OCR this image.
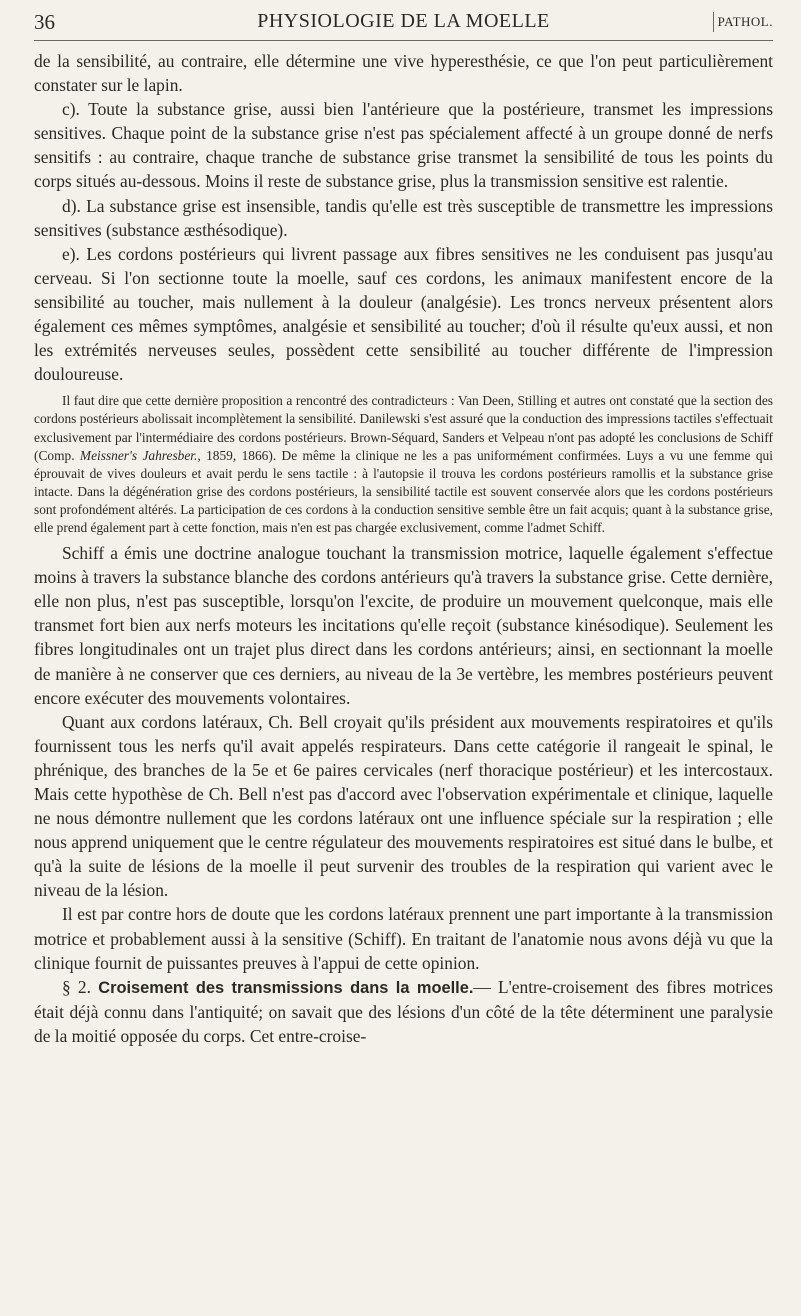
36	PHYSIOLOGIE DE LA MOELLE	PATHOL.

de la sensibilité, au contraire, elle détermine une vive hyperesthésie, ce que l'on peut particulièrement constater sur le lapin.

c). Toute la substance grise, aussi bien l'antérieure que la postérieure, transmet les impressions sensitives. Chaque point de la substance grise n'est pas spécialement affecté à un groupe donné de nerfs sensitifs : au contraire, chaque tranche de substance grise transmet la sensibilité de tous les points du corps situés au-dessous. Moins il reste de substance grise, plus la transmission sensitive est ralentie.

d). La substance grise est insensible, tandis qu'elle est très susceptible de transmettre les impressions sensitives (substance æsthésodique).

e). Les cordons postérieurs qui livrent passage aux fibres sensitives ne les conduisent pas jusqu'au cerveau. Si l'on sectionne toute la moelle, sauf ces cordons, les animaux manifestent encore de la sensibilité au toucher, mais nullement à la douleur (analgésie). Les troncs nerveux présentent alors également ces mêmes symptômes, analgésie et sensibilité au toucher; d'où il résulte qu'eux aussi, et non les extrémités nerveuses seules, possèdent cette sensibilité au toucher différente de l'impression douloureuse.

Il faut dire que cette dernière proposition a rencontré des contradicteurs : Van Deen, Stilling et autres ont constaté que la section des cordons postérieurs abolissait incomplètement la sensibilité. Danilewski s'est assuré que la conduction des impressions tactiles s'effectuait exclusivement par l'intermédiaire des cordons postérieurs. Brown-Séquard, Sanders et Velpeau n'ont pas adopté les conclusions de Schiff (Comp. Meissner's Jahresber., 1859, 1866). De même la clinique ne les a pas uniformément confirmées. Luys a vu une femme qui éprouvait de vives douleurs et avait perdu le sens tactile : à l'autopsie il trouva les cordons postérieurs ramollis et la substance grise intacte. Dans la dégénération grise des cordons postérieurs, la sensibilité tactile est souvent conservée alors que les cordons postérieurs sont profondément altérés. La participation de ces cordons à la conduction sensitive semble être un fait acquis; quant à la substance grise, elle prend également part à cette fonction, mais n'en est pas chargée exclusivement, comme l'admet Schiff.

Schiff a émis une doctrine analogue touchant la transmission motrice, laquelle également s'effectue moins à travers la substance blanche des cordons antérieurs qu'à travers la substance grise. Cette dernière, elle non plus, n'est pas susceptible, lorsqu'on l'excite, de produire un mouvement quelconque, mais elle transmet fort bien aux nerfs moteurs les incitations qu'elle reçoit (substance kinésodique). Seulement les fibres longitudinales ont un trajet plus direct dans les cordons antérieurs; ainsi, en sectionnant la moelle de manière à ne conserver que ces derniers, au niveau de la 3e vertèbre, les membres postérieurs peuvent encore exécuter des mouvements volontaires.

Quant aux cordons latéraux, Ch. Bell croyait qu'ils président aux mouvements respiratoires et qu'ils fournissent tous les nerfs qu'il avait appelés respirateurs. Dans cette catégorie il rangeait le spinal, le phrénique, des branches de la 5e et 6e paires cervicales (nerf thoracique postérieur) et les intercostaux. Mais cette hypothèse de Ch. Bell n'est pas d'accord avec l'observation expérimentale et clinique, laquelle ne nous démontre nullement que les cordons latéraux ont une influence spéciale sur la respiration ; elle nous apprend uniquement que le centre régulateur des mouvements respiratoires est situé dans le bulbe, et qu'à la suite de lésions de la moelle il peut survenir des troubles de la respiration qui varient avec le niveau de la lésion.

Il est par contre hors de doute que les cordons latéraux prennent une part importante à la transmission motrice et probablement aussi à la sensitive (Schiff). En traitant de l'anatomie nous avons déjà vu que la clinique fournit de puissantes preuves à l'appui de cette opinion.

§ 2. Croisement des transmissions dans la moelle.— L'entre-croisement des fibres motrices était déjà connu dans l'antiquité; on savait que des lésions d'un côté de la tête déterminent une paralysie de la moitié opposée du corps. Cet entre-croise-
